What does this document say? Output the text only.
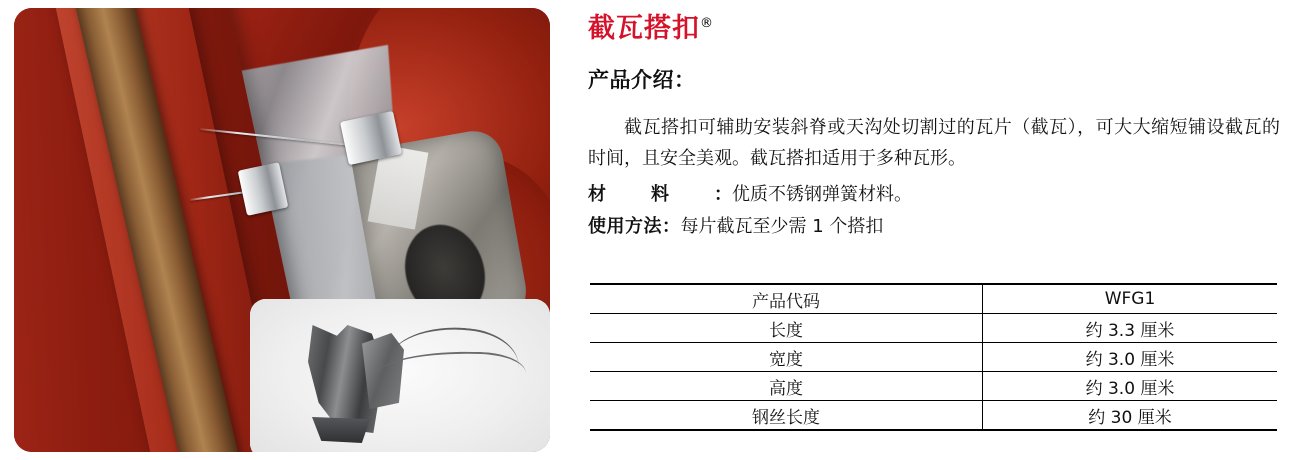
截瓦搭扣®
产品介绍：
截瓦搭扣可辅助安装斜脊或天沟处切割过的瓦片（截瓦），可大大缩短铺设截瓦的时间，且安全美观。截瓦搭扣适用于多种瓦形。
材料：优质不锈钢弹簧材料。
使用方法：每片截瓦至少需 1 个搭扣
产品代码	WFG1
长度	约 3.3 厘米
宽度	约 3.0 厘米
高度	约 3.0 厘米
钢丝长度	约 30 厘米
